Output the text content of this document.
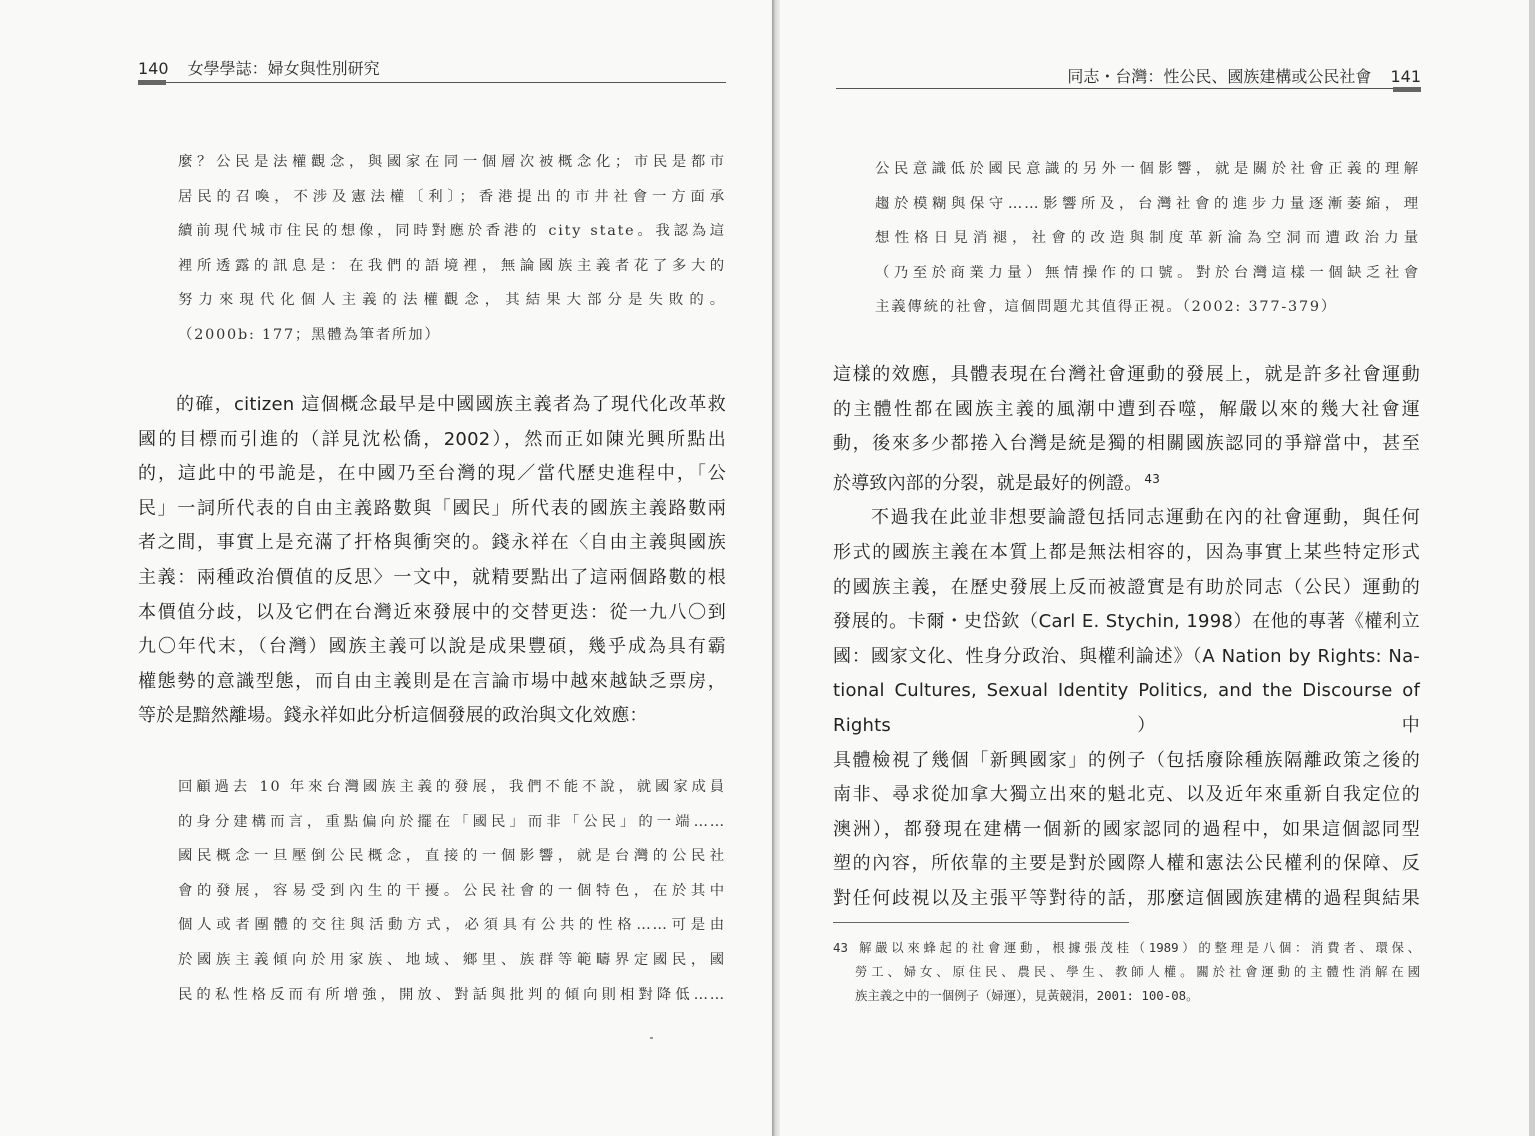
140 女學學誌：婦女與性別研究

麼？公民是法權觀念，與國家在同一個層次被概念化；市民是都市

居民的召喚，不涉及憲法權〔利〕；香港提出的市井社會一方面承

續前現代城市住民的想像，同時對應於香港的 city state。我認為這

裡所透露的訊息是：在我們的語境裡，無論國族主義者花了多大的

努力來現代化個人主義的法權觀念，其結果大部分是失敗的。

（2000b: 177；黑體為筆者所加）

的確，citizen 這個概念最早是中國國族主義者為了現代化改革救

國的目標而引進的（詳見沈松僑，2002），然而正如陳光興所點出

的，這此中的弔詭是，在中國乃至台灣的現／當代歷史進程中，「公

民」一詞所代表的自由主義路數與「國民」所代表的國族主義路數兩

者之間，事實上是充滿了扞格與衝突的。錢永祥在〈自由主義與國族

主義：兩種政治價值的反思〉一文中，就精要點出了這兩個路數的根

本價值分歧，以及它們在台灣近來發展中的交替更迭：從一九八〇到

九〇年代末，（台灣）國族主義可以說是成果豐碩，幾乎成為具有霸

權態勢的意識型態，而自由主義則是在言論市場中越來越缺乏票房，

等於是黯然離場。錢永祥如此分析這個發展的政治與文化效應：

回顧過去 10 年來台灣國族主義的發展，我們不能不說，就國家成員

的身分建構而言，重點偏向於擺在「國民」而非「公民」的一端……

國民概念一旦壓倒公民概念，直接的一個影響，就是台灣的公民社

會的發展，容易受到內生的干擾。公民社會的一個特色，在於其中

個人或者團體的交往與活動方式，必須具有公共的性格……可是由

於國族主義傾向於用家族、地域、鄉里、族群等範疇界定國民，國

民的私性格反而有所增強，開放、對話與批判的傾向則相對降低……

同志・台灣：性公民、國族建構或公民社會 141

公民意識低於國民意識的另外一個影響，就是關於社會正義的理解

趨於模糊與保守……影響所及，台灣社會的進步力量逐漸萎縮，理

想性格日見消褪，社會的改造與制度革新淪為空洞而遭政治力量

（乃至於商業力量）無情操作的口號。對於台灣這樣一個缺乏社會

主義傳統的社會，這個問題尤其值得正視。（2002: 377-379）

這樣的效應，具體表現在台灣社會運動的發展上，就是許多社會運動

的主體性都在國族主義的風潮中遭到吞噬，解嚴以來的幾大社會運

動，後來多少都捲入台灣是統是獨的相關國族認同的爭辯當中，甚至

於導致內部的分裂，就是最好的例證。 $^{43}$

不過我在此並非想要論證包括同志運動在內的社會運動，與任何

形式的國族主義在本質上都是無法相容的，因為事實上某些特定形式

的國族主義，在歷史發展上反而被證實是有助於同志（公民）運動的

發展的。卡爾・史岱欽（Carl E. Stychin, 1998）在他的專著《權利立

國：國家文化、性身分政治、與權利論述》（A Nation by Rights: Na-

tional Cultures, Sexual Identity Politics, and the Discourse of Rights）中

具體檢視了幾個「新興國家」的例子（包括廢除種族隔離政策之後的

南非、尋求從加拿大獨立出來的魁北克、以及近年來重新自我定位的

澳洲），都發現在建構一個新的國家認同的過程中，如果這個認同型

塑的內容，所依靠的主要是對於國際人權和憲法公民權利的保障、反

對任何歧視以及主張平等對待的話，那麼這個國族建構的過程與結果

43 解嚴以來蜂起的社會運動，根據張茂桂（1989）的整理是八個：消費者、環保、

勞工、婦女、原住民、農民、學生、教師人權。關於社會運動的主體性消解在國

族主義之中的一個例子（婦運），見黃競涓，2001: 100-08。
